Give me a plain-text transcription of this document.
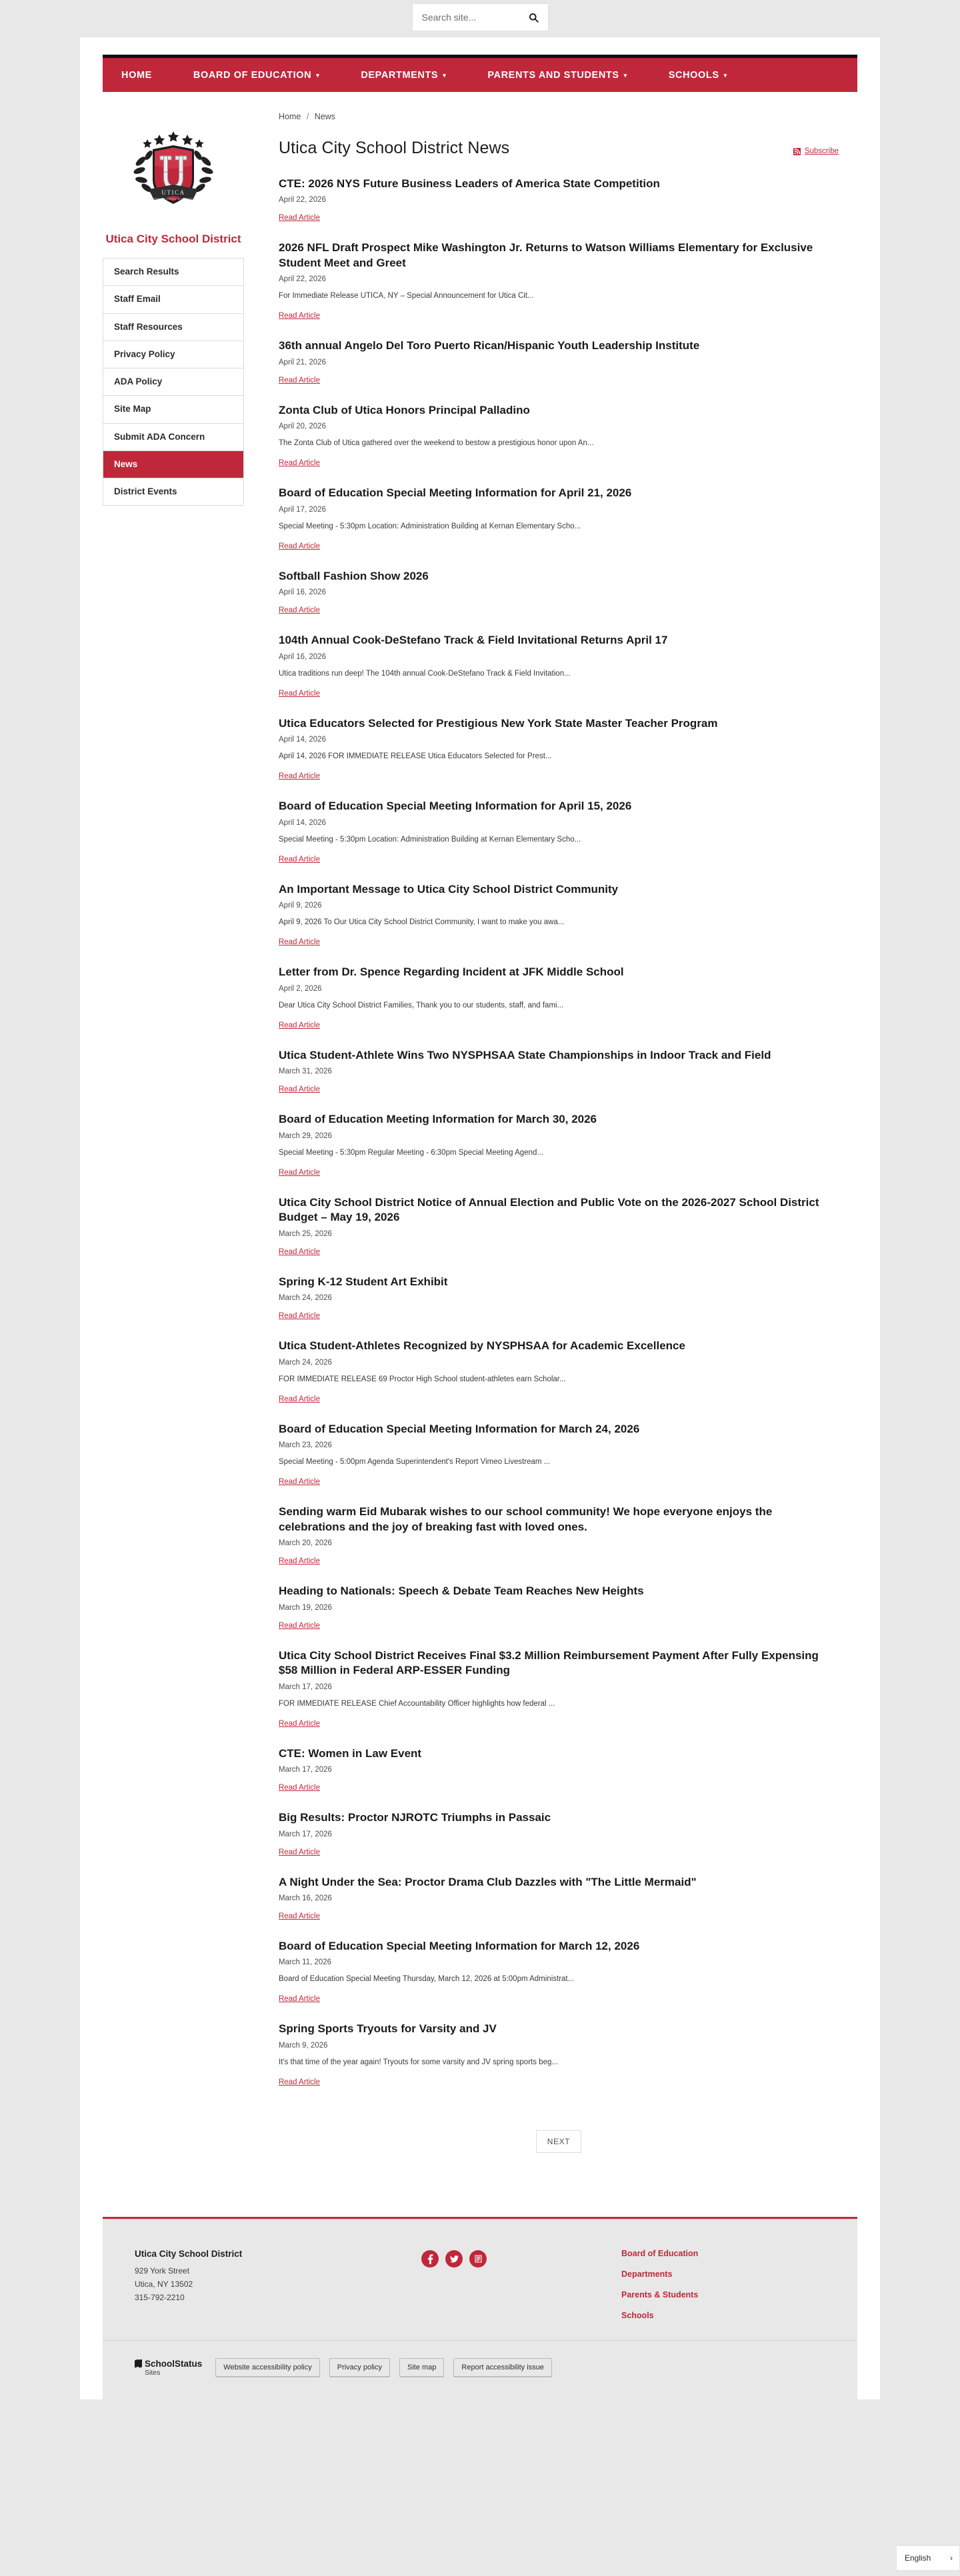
Search site...
HOME	BOARD OF EDUCATION ▾	DEPARTMENTS ▾	PARENTS AND STUDENTS ▾	SCHOOLS ▾
UTICA
CITY SCHOOL DISTRICT
Utica City School District
Search Results
Staff Email
Staff Resources
Privacy Policy
ADA Policy
Site Map
Submit ADA Concern
News
District Events
Home / News
Utica City School District News	Subscribe
CTE: 2026 NYS Future Business Leaders of America State Competition
April 22, 2026
Read Article
2026 NFL Draft Prospect Mike Washington Jr. Returns to Watson Williams Elementary for Exclusive Student Meet and Greet
April 22, 2026
For Immediate Release UTICA, NY – Special Announcement for Utica Cit...
Read Article
36th annual Angelo Del Toro Puerto Rican/Hispanic Youth Leadership Institute
April 21, 2026
Read Article
Zonta Club of Utica Honors Principal Palladino
April 20, 2026
The Zonta Club of Utica gathered over the weekend to bestow a prestigious honor upon An...
Read Article
Board of Education Special Meeting Information for April 21, 2026
April 17, 2026
Special Meeting - 5:30pm Location: Administration Building at Kernan Elementary Scho...
Read Article
Softball Fashion Show 2026
April 16, 2026
Read Article
104th Annual Cook-DeStefano Track & Field Invitational Returns April 17
April 16, 2026
Utica traditions run deep! The 104th annual Cook-DeStefano Track & Field Invitation...
Read Article
Utica Educators Selected for Prestigious New York State Master Teacher Program
April 14, 2026
April 14, 2026 FOR IMMEDIATE RELEASE Utica Educators Selected for Prest...
Read Article
Board of Education Special Meeting Information for April 15, 2026
April 14, 2026
Special Meeting - 5:30pm Location: Administration Building at Kernan Elementary Scho...
Read Article
An Important Message to Utica City School District Community
April 9, 2026
April 9, 2026 To Our Utica City School District Community, I want to make you awa...
Read Article
Letter from Dr. Spence Regarding Incident at JFK Middle School
April 2, 2026
Dear Utica City School District Families, Thank you to our students, staff, and fami...
Read Article
Utica Student-Athlete Wins Two NYSPHSAA State Championships in Indoor Track and Field
March 31, 2026
Read Article
Board of Education Meeting Information for March 30, 2026
March 29, 2026
Special Meeting - 5:30pm Regular Meeting - 6:30pm Special Meeting Agend...
Read Article
Utica City School District Notice of Annual Election and Public Vote on the 2026-2027 School District Budget – May 19, 2026
March 25, 2026
Read Article
Spring K-12 Student Art Exhibit
March 24, 2026
Read Article
Utica Student-Athletes Recognized by NYSPHSAA for Academic Excellence
March 24, 2026
FOR IMMEDIATE RELEASE 69 Proctor High School student-athletes earn Scholar...
Read Article
Board of Education Special Meeting Information for March 24, 2026
March 23, 2026
Special Meeting - 5:00pm Agenda Superintendent's Report Vimeo Livestream ...
Read Article
Sending warm Eid Mubarak wishes to our school community! We hope everyone enjoys the celebrations and the joy of breaking fast with loved ones.
March 20, 2026
Read Article
Heading to Nationals: Speech & Debate Team Reaches New Heights
March 19, 2026
Read Article
Utica City School District Receives Final $3.2 Million Reimbursement Payment After Fully Expensing $58 Million in Federal ARP-ESSER Funding
March 17, 2026
FOR IMMEDIATE RELEASE Chief Accountability Officer highlights how federal ...
Read Article
CTE: Women in Law Event
March 17, 2026
Read Article
Big Results: Proctor NJROTC Triumphs in Passaic
March 17, 2026
Read Article
A Night Under the Sea: Proctor Drama Club Dazzles with "The Little Mermaid"
March 16, 2026
Read Article
Board of Education Special Meeting Information for March 12, 2026
March 11, 2026
Board of Education Special Meeting Thursday, March 12, 2026 at 5:00pm Administrat...
Read Article
Spring Sports Tryouts for Varsity and JV
March 9, 2026
It's that time of the year again! Tryouts for some varsity and JV spring sports beg...
Read Article
NEXT
Utica City School District
929 York Street
Utica, NY 13502
315-792-2210
Board of Education
Departments
Parents & Students
Schools
SchoolStatus
Sites
Website accessibility policy	Privacy policy	Site map	Report accessibility issue
English ›
